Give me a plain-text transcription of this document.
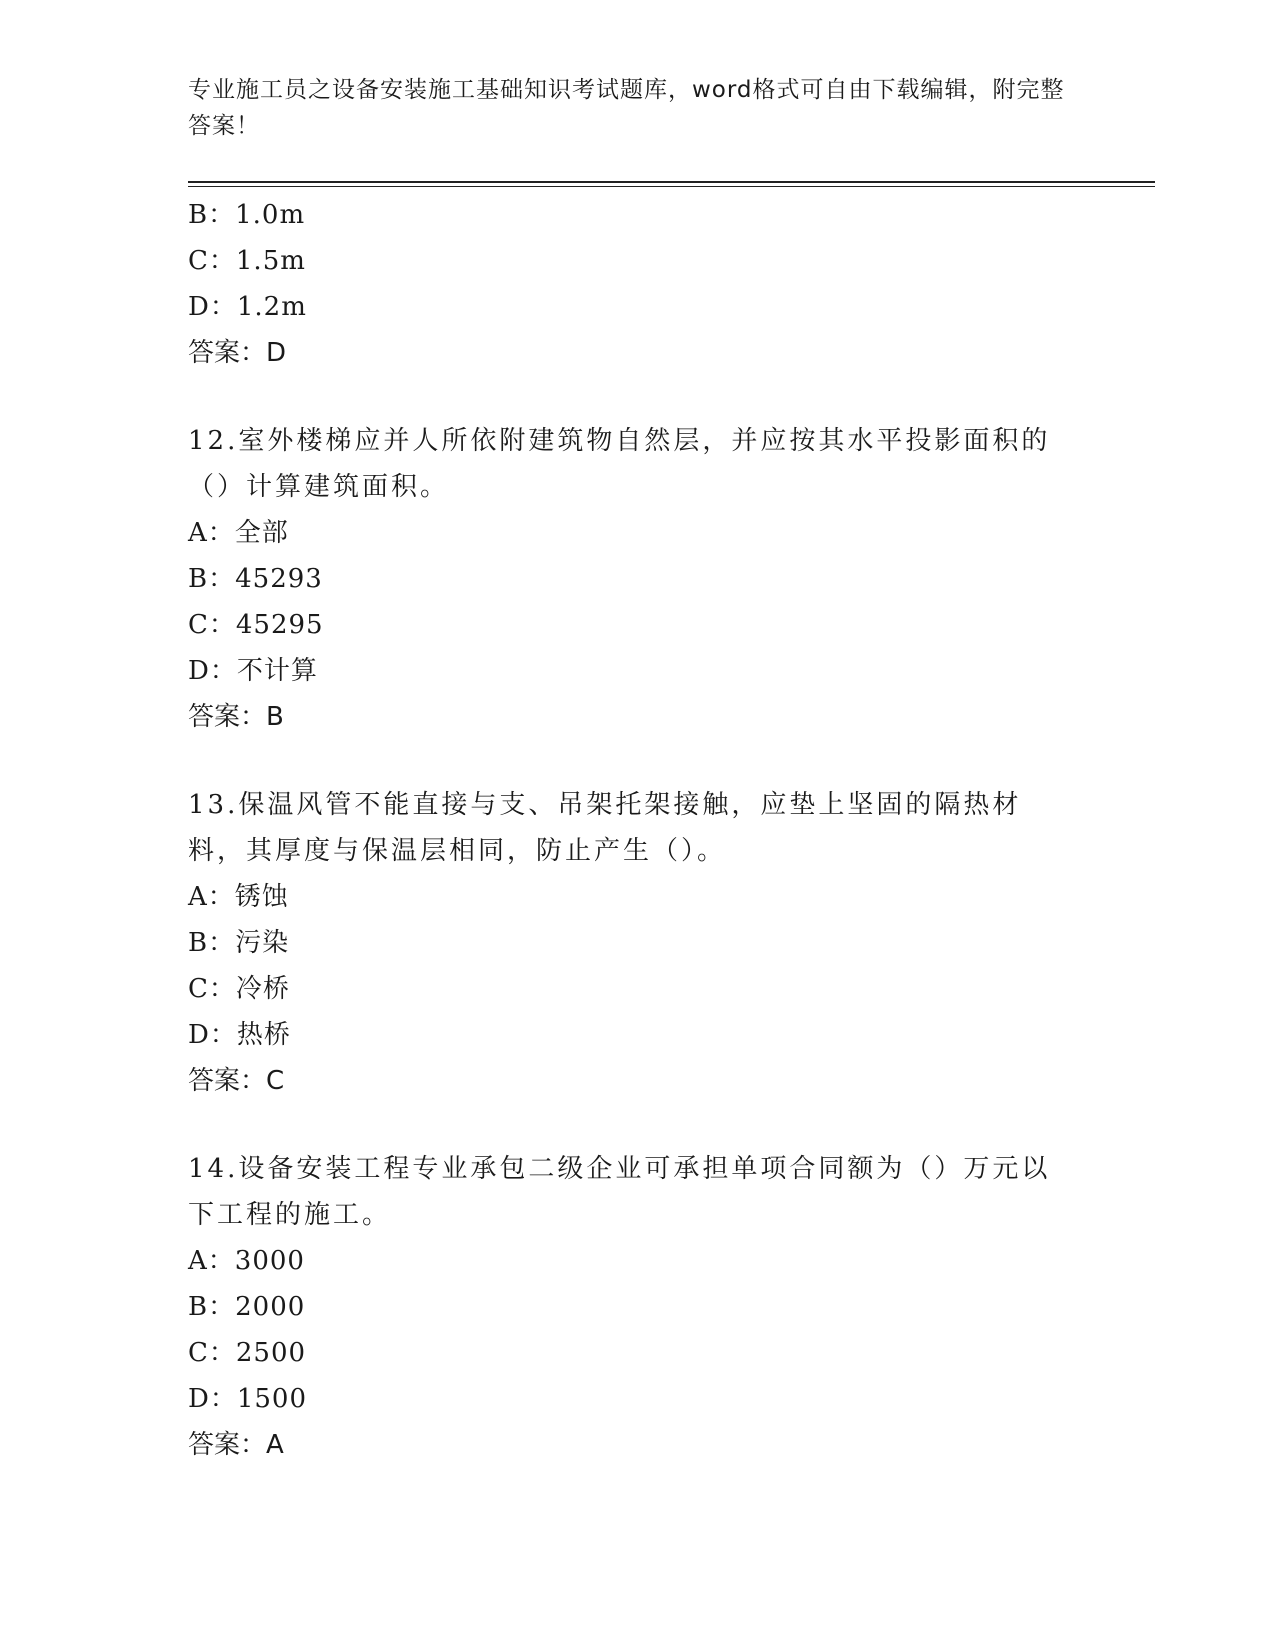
专业施工员之设备安装施工基础知识考试题库，word格式可自由下载编辑，附完整答案！
B：1.0m
C：1.5m
D：1.2m
答案：D
12.室外楼梯应并人所依附建筑物自然层，并应按其水平投影面积的（）计算建筑面积。
A：全部
B：45293
C：45295
D：不计算
答案：B
13.保温风管不能直接与支、吊架托架接触，应垫上坚固的隔热材料，其厚度与保温层相同，防止产生（）。
A：锈蚀
B：污染
C：冷桥
D：热桥
答案：C
14.设备安装工程专业承包二级企业可承担单项合同额为（）万元以下工程的施工。
A：3000
B：2000
C：2500
D：1500
答案：A
